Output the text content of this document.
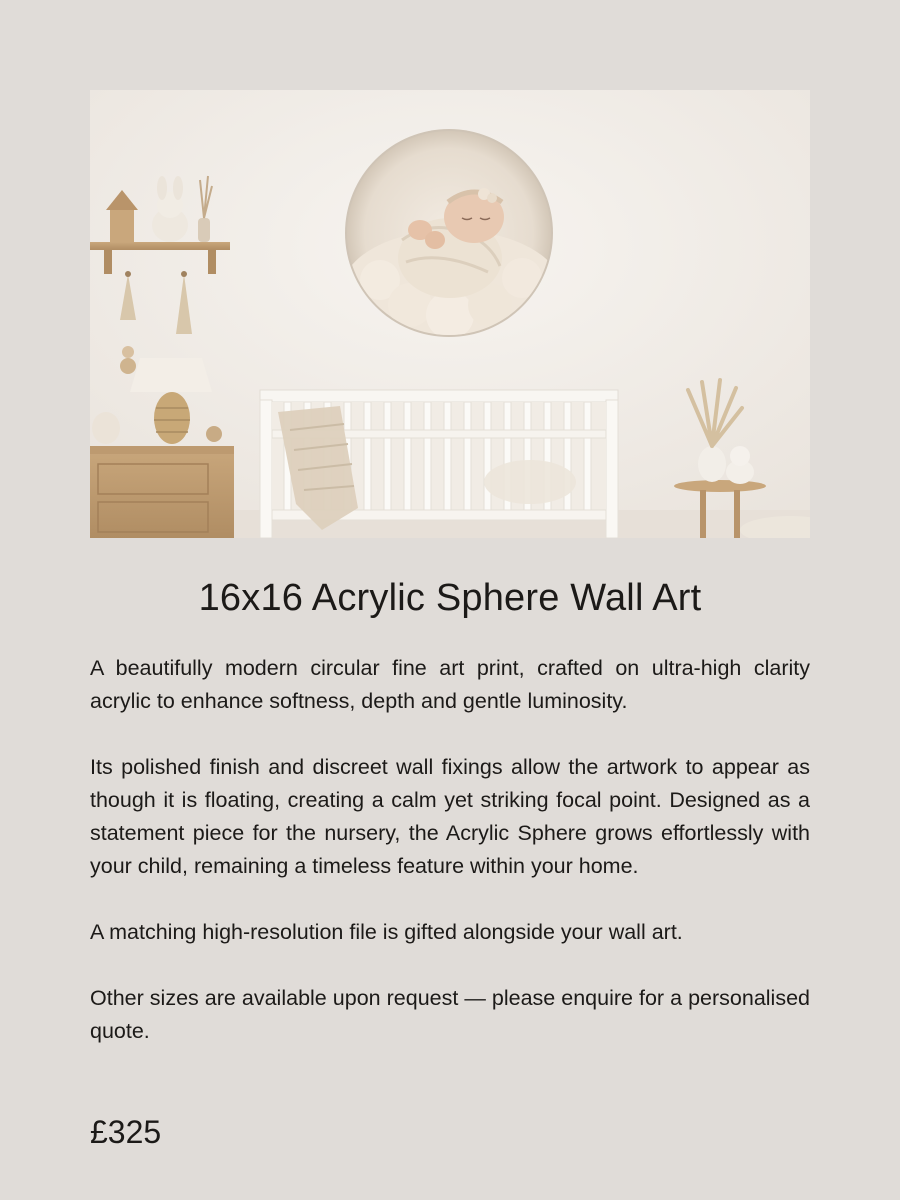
16x16 Acrylic Sphere Wall Art

A beautifully modern circular fine art print, crafted on ultra-high clarity acrylic to enhance softness, depth and gentle luminosity.

Its polished finish and discreet wall fixings allow the artwork to appear as though it is floating, creating a calm yet striking focal point. Designed as a statement piece for the nursery, the Acrylic Sphere grows effortlessly with your child, remaining a timeless feature within your home.

A matching high-resolution file is gifted alongside your wall art.

Other sizes are available upon request — please enquire for a personalised quote.

£325
